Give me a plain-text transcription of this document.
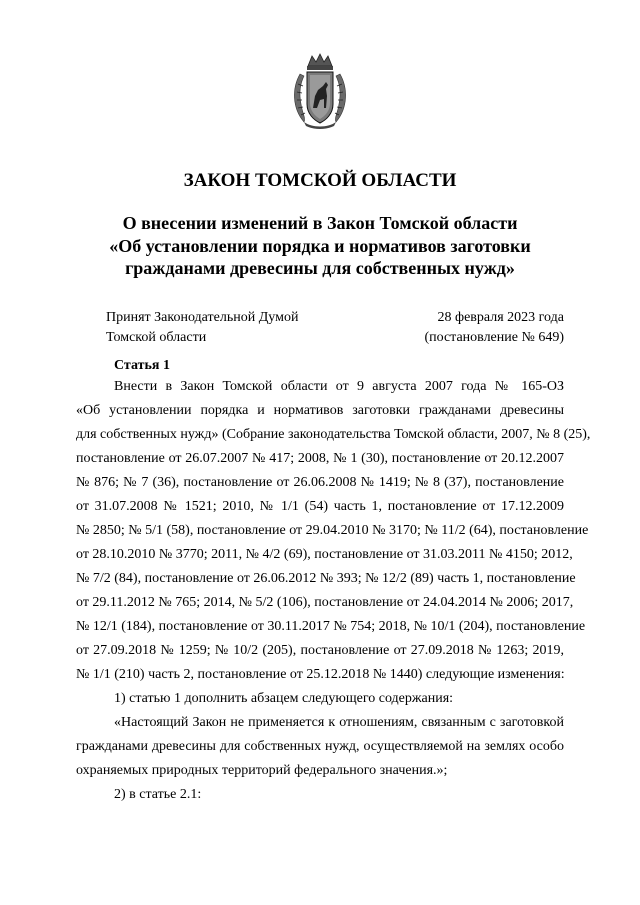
ЗАКОН ТОМСКОЙ ОБЛАСТИ
О внесении изменений в Закон Томской области
«Об установлении порядка и нормативов заготовки
гражданами древесины для собственных нужд»
Принят Законодательной Думой
Томской области
28 февраля 2023 года
(постановление № 649)
Статья 1

Внести в Закон Томской области от 9 августа 2007 года № 165-ОЗ
«Об установлении порядка и нормативов заготовки гражданами древесины
для собственных нужд» (Собрание законодательства Томской области, 2007, № 8 (25),
постановление от 26.07.2007 № 417; 2008, № 1 (30), постановление от 20.12.2007
№ 876; № 7 (36), постановление от 26.06.2008 № 1419; № 8 (37), постановление
от 31.07.2008 № 1521; 2010, № 1/1 (54) часть 1, постановление от 17.12.2009
№ 2850; № 5/1 (58), постановление от 29.04.2010 № 3170; № 11/2 (64), постановление
от 28.10.2010 № 3770; 2011, № 4/2 (69), постановление от 31.03.2011 № 4150; 2012,
№ 7/2 (84), постановление от 26.06.2012 № 393; № 12/2 (89) часть 1, постановление
от 29.11.2012 № 765; 2014, № 5/2 (106), постановление от 24.04.2014 № 2006; 2017,
№ 12/1 (184), постановление от 30.11.2017 № 754; 2018, № 10/1 (204), постановление
от 27.09.2018 № 1259; № 10/2 (205), постановление от 27.09.2018 № 1263; 2019,
№ 1/1 (210) часть 2, постановление от 25.12.2018 № 1440) следующие изменения:

1) статью 1 дополнить абзацем следующего содержания:

«Настоящий Закон не применяется к отношениям, связанным с заготовкой
гражданами древесины для собственных нужд, осуществляемой на землях особо
охраняемых природных территорий федерального значения.»;

2) в статье 2.1:
